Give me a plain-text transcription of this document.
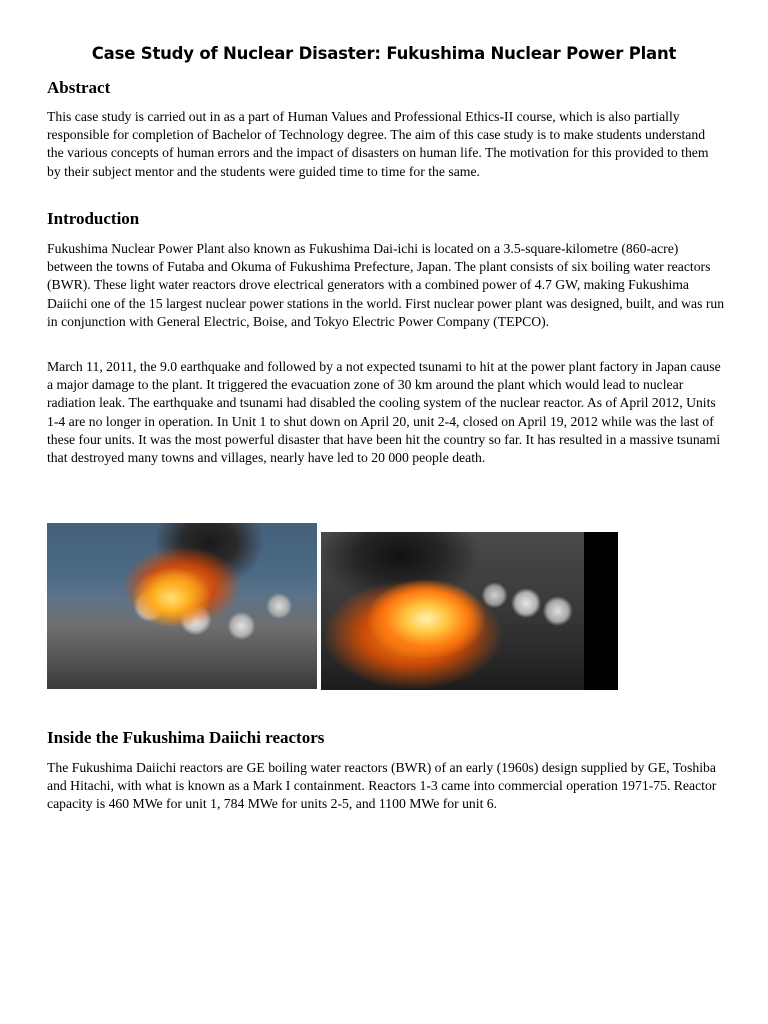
Case Study of Nuclear Disaster: Fukushima Nuclear Power Plant
Abstract
This case study is carried out in as a part of Human Values and Professional Ethics-II course, which is also partially responsible for completion of Bachelor of Technology degree. The aim of this case study is to make students understand the various concepts of human errors and the impact of disasters on human life. The motivation for this provided to them by their subject mentor and the students were guided time to time for the same.
Introduction
Fukushima Nuclear Power Plant also known as Fukushima Dai-ichi is located on a 3.5-square-kilometre (860-acre) between the towns of Futaba and Okuma of Fukushima Prefecture, Japan. The plant consists of six boiling water reactors (BWR). These light water reactors drove electrical generators with a combined power of 4.7 GW, making Fukushima Daiichi one of the 15 largest nuclear power stations in the world. First nuclear power plant was designed, built, and was run in conjunction with General Electric, Boise, and Tokyo Electric Power Company (TEPCO).
March 11, 2011, the 9.0 earthquake and followed by a not expected tsunami to hit at the power plant factory in Japan cause a major damage to the plant. It triggered the evacuation zone of 30 km around the plant which would lead to nuclear radiation leak. The earthquake and tsunami had disabled the cooling system of the nuclear reactor. As of April 2012, Units 1-4 are no longer in operation. In Unit 1 to shut down on April 20, unit 2-4, closed on April 19, 2012 while was the last of these four units. It was the most powerful disaster that have been hit the country so far. It has resulted in a massive tsunami that destroyed many towns and villages, nearly have led to 20 000 people death.
Inside the Fukushima Daiichi reactors
The Fukushima Daiichi reactors are GE boiling water reactors (BWR) of an early (1960s) design supplied by GE, Toshiba and Hitachi, with what is known as a Mark I containment. Reactors 1-3 came into commercial operation 1971-75. Reactor capacity is 460 MWe for unit 1, 784 MWe for units 2-5, and 1100 MWe for unit 6.
